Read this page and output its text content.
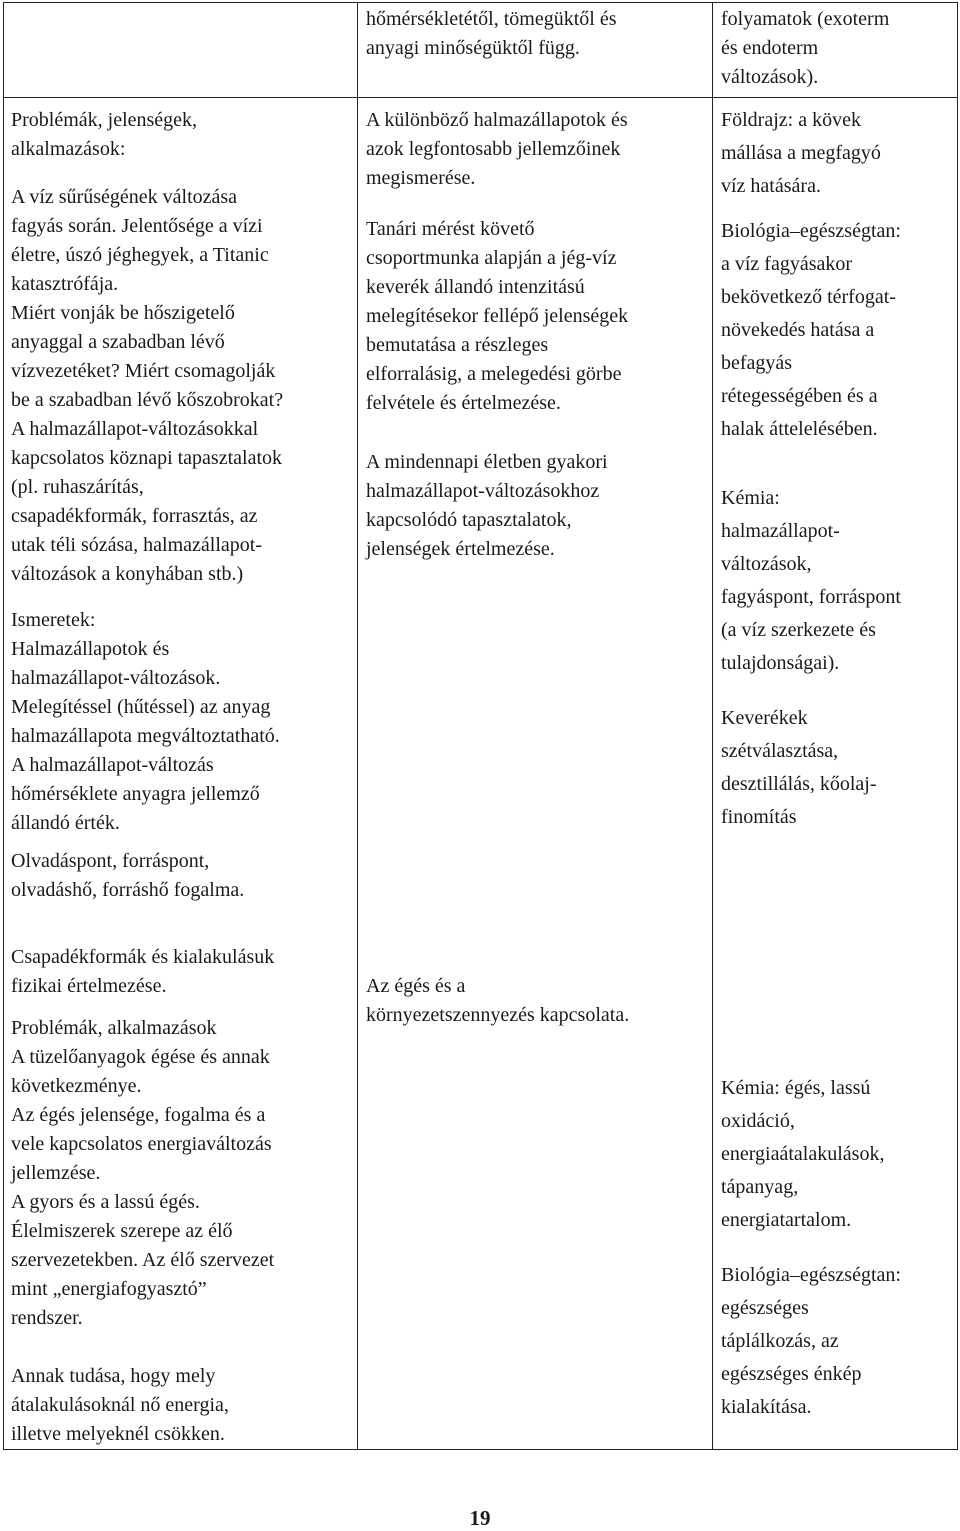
hőmérsékletétől, tömegüktől és

anyagi minőségüktől függ.

folyamatok (exoterm

és endoterm

változások).

Problémák, jelenségek,

alkalmazások:

A víz sűrűségének változása

fagyás során. Jelentősége a vízi

életre, úszó jéghegyek, a Titanic

katasztrófája.

Miért vonják be hőszigetelő

anyaggal a szabadban lévő

vízvezetéket? Miért csomagolják

be a szabadban lévő kőszobrokat?

A halmazállapot-változásokkal

kapcsolatos köznapi tapasztalatok

(pl. ruhaszárítás,

csapadékformák, forrasztás, az

utak téli sózása, halmazállapot-

változások a konyhában stb.)

Ismeretek:

Halmazállapotok és

halmazállapot-változások.

Melegítéssel (hűtéssel) az anyag

halmazállapota megváltoztatható.

A halmazállapot-változás

hőmérséklete anyagra jellemző

állandó érték.

Olvadáspont, forráspont,

olvadáshő, forráshő fogalma.

Csapadékformák és kialakulásuk

fizikai értelmezése.

Problémák, alkalmazások

A tüzelőanyagok égése és annak

következménye.

Az égés jelensége, fogalma és a

vele kapcsolatos energiaváltozás

jellemzése.

A gyors és a lassú égés.

Élelmiszerek szerepe az élő

szervezetekben. Az élő szervezet

mint „energiafogyasztó”

rendszer.

Annak tudása, hogy mely

átalakulásoknál nő energia,

illetve melyeknél csökken.

A különböző halmazállapotok és

azok legfontosabb jellemzőinek

megismerése.

Tanári mérést követő

csoportmunka alapján a jég-víz

keverék állandó intenzitású

melegítésekor fellépő jelenségek

bemutatása a részleges

elforralásig, a melegedési görbe

felvétele és értelmezése.

A mindennapi életben gyakori

halmazállapot-változásokhoz

kapcsolódó tapasztalatok,

jelenségek értelmezése.

Az égés és a

környezetszennyezés kapcsolata.

Földrajz: a kövek

mállása a megfagyó

víz hatására.

Biológia–egészségtan:

a víz fagyásakor

bekövetkező térfogat-

növekedés hatása a

befagyás

rétegességében és a

halak áttelelésében.

Kémia:

halmazállapot-

változások,

fagyáspont, forráspont

(a víz szerkezete és

tulajdonságai).

Keverékek

szétválasztása,

desztillálás, kőolaj-

finomítás

Kémia: égés, lassú

oxidáció,

energiaátalakulások,

tápanyag,

energiatartalom.

Biológia–egészségtan:

egészséges

táplálkozás, az

egészséges énkép

kialakítása.

19
